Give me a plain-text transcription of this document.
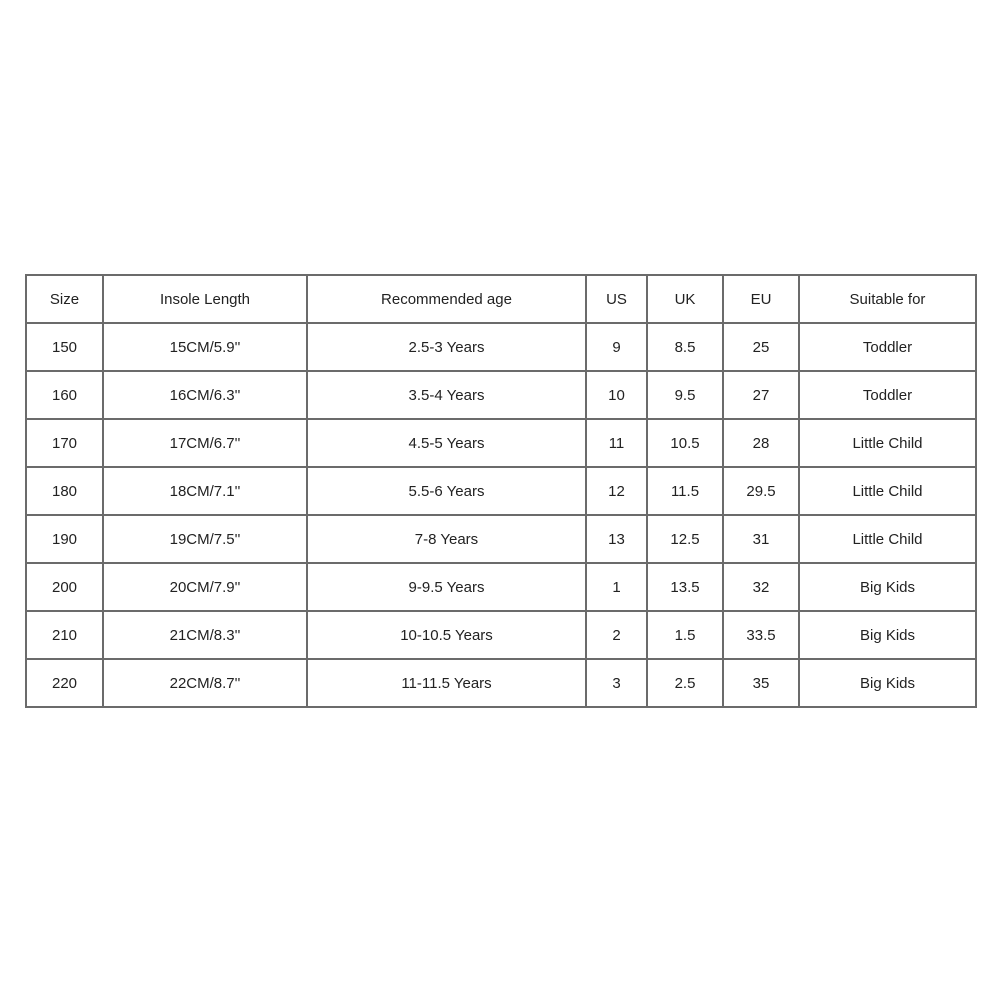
Size	Insole Length	Recommended age	US	UK	EU	Suitable for
150	15CM/5.9''	2.5-3 Years	9	8.5	25	Toddler
160	16CM/6.3''	3.5-4 Years	10	9.5	27	Toddler
170	17CM/6.7''	4.5-5 Years	11	10.5	28	Little Child
180	18CM/7.1''	5.5-6 Years	12	11.5	29.5	Little Child
190	19CM/7.5''	7-8 Years	13	12.5	31	Little Child
200	20CM/7.9''	9-9.5 Years	1	13.5	32	Big Kids
210	21CM/8.3''	10-10.5 Years	2	1.5	33.5	Big Kids
220	22CM/8.7''	11-11.5 Years	3	2.5	35	Big Kids
